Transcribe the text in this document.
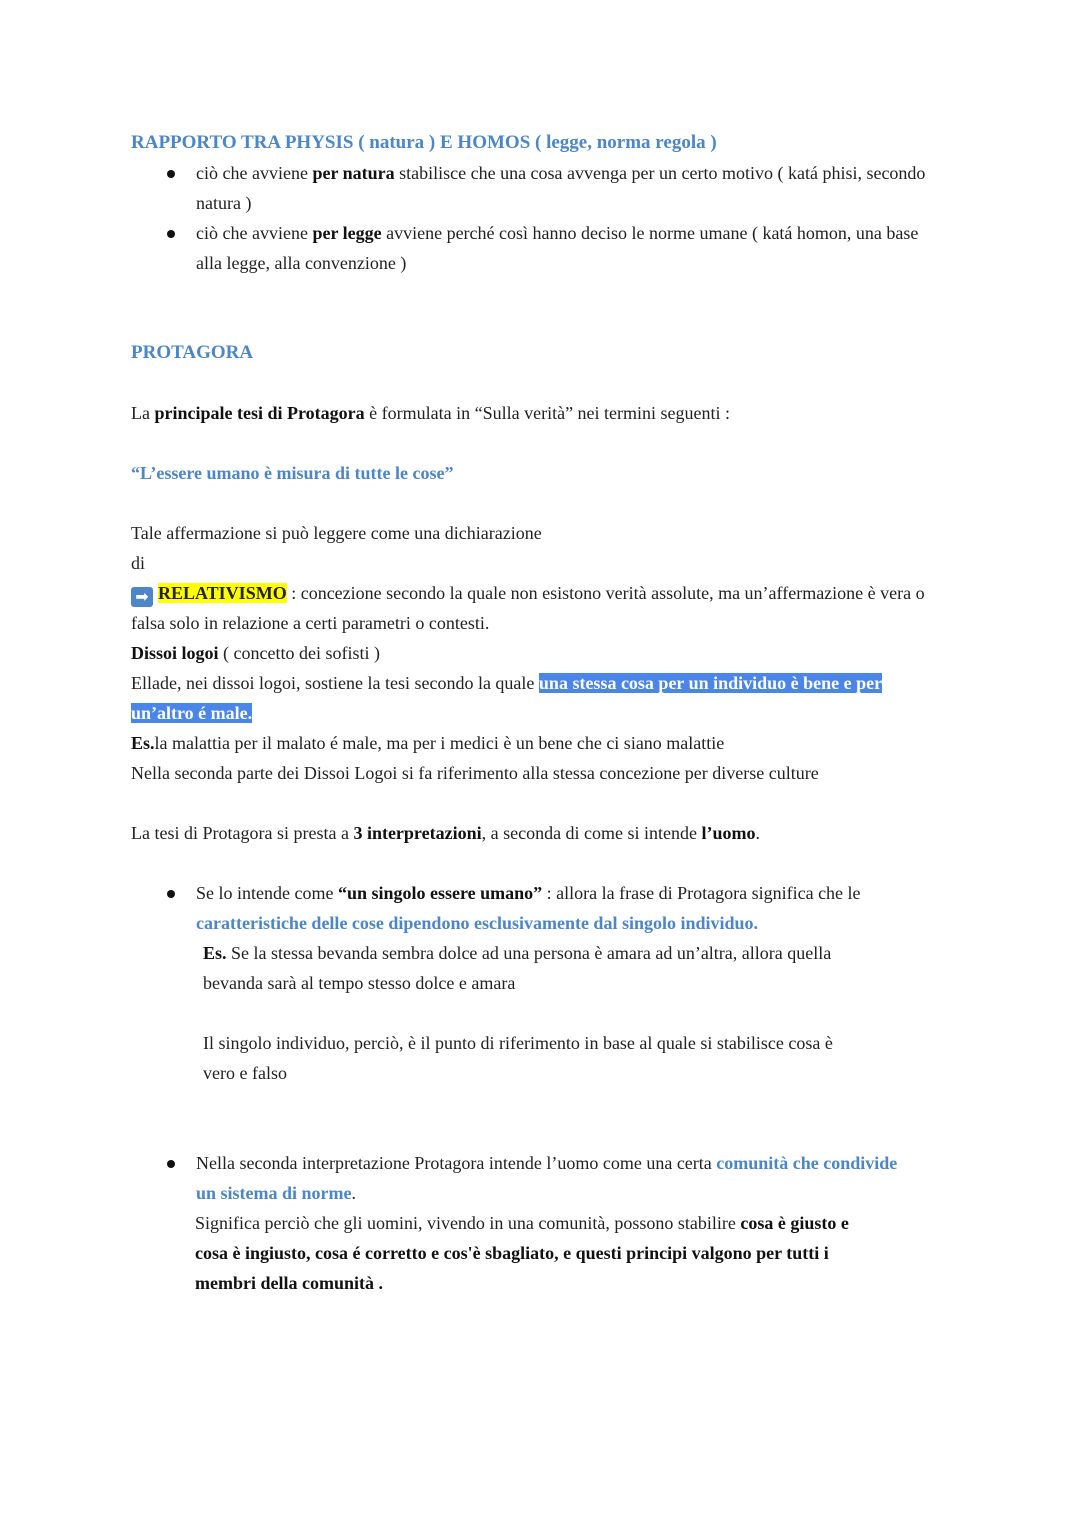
RAPPORTO TRA PHYSIS ( natura ) E HOMOS ( legge, norma regola )

ciò che avviene per natura stabilisce che una cosa avvenga per un certo motivo ( katá phisi, secondo
natura )
ciò che avviene per legge avviene perché così hanno deciso le norme umane ( katá homon, una base
alla legge, alla convenzione )

PROTAGORA

La principale tesi di Protagora è formulata in “Sulla verità” nei termini seguenti :

“L’essere umano è misura di tutte le cose”

Tale affermazione si può leggere come una dichiarazione

di

➡ RELATIVISMO : concezione secondo la quale non esistono verità assolute, ma un’affermazione è vera o
falsa solo in relazione a certi parametri o contesti.

Dissoi logoi ( concetto dei sofisti )

Ellade, nei dissoi logoi, sostiene la tesi secondo la quale una stessa cosa per un individuo è bene e per
un’altro é male.

Es.la malattia per il malato é male, ma per i medici è un bene che ci siano malattie

Nella seconda parte dei Dissoi Logoi si fa riferimento alla stessa concezione per diverse culture

La tesi di Protagora si presta a 3 interpretazioni, a seconda di come si intende l’uomo.

Se lo intende come “un singolo essere umano” : allora la frase di Protagora significa che le
caratteristiche delle cose dipendono esclusivamente dal singolo individuo.
Es. Se la stessa bevanda sembra dolce ad una persona è amara ad un’altra, allora quella
bevanda sarà al tempo stesso dolce e amara
Il singolo individuo, perciò, è il punto di riferimento in base al quale si stabilisce cosa è
vero e falso
Nella seconda interpretazione Protagora intende l’uomo come una certa comunità che condivide
un sistema di norme.
Significa perciò che gli uomini, vivendo in una comunità, possono stabilire cosa è giusto e
cosa è ingiusto, cosa é corretto e cos'è sbagliato, e questi principi valgono per tutti i
membri della comunità .
